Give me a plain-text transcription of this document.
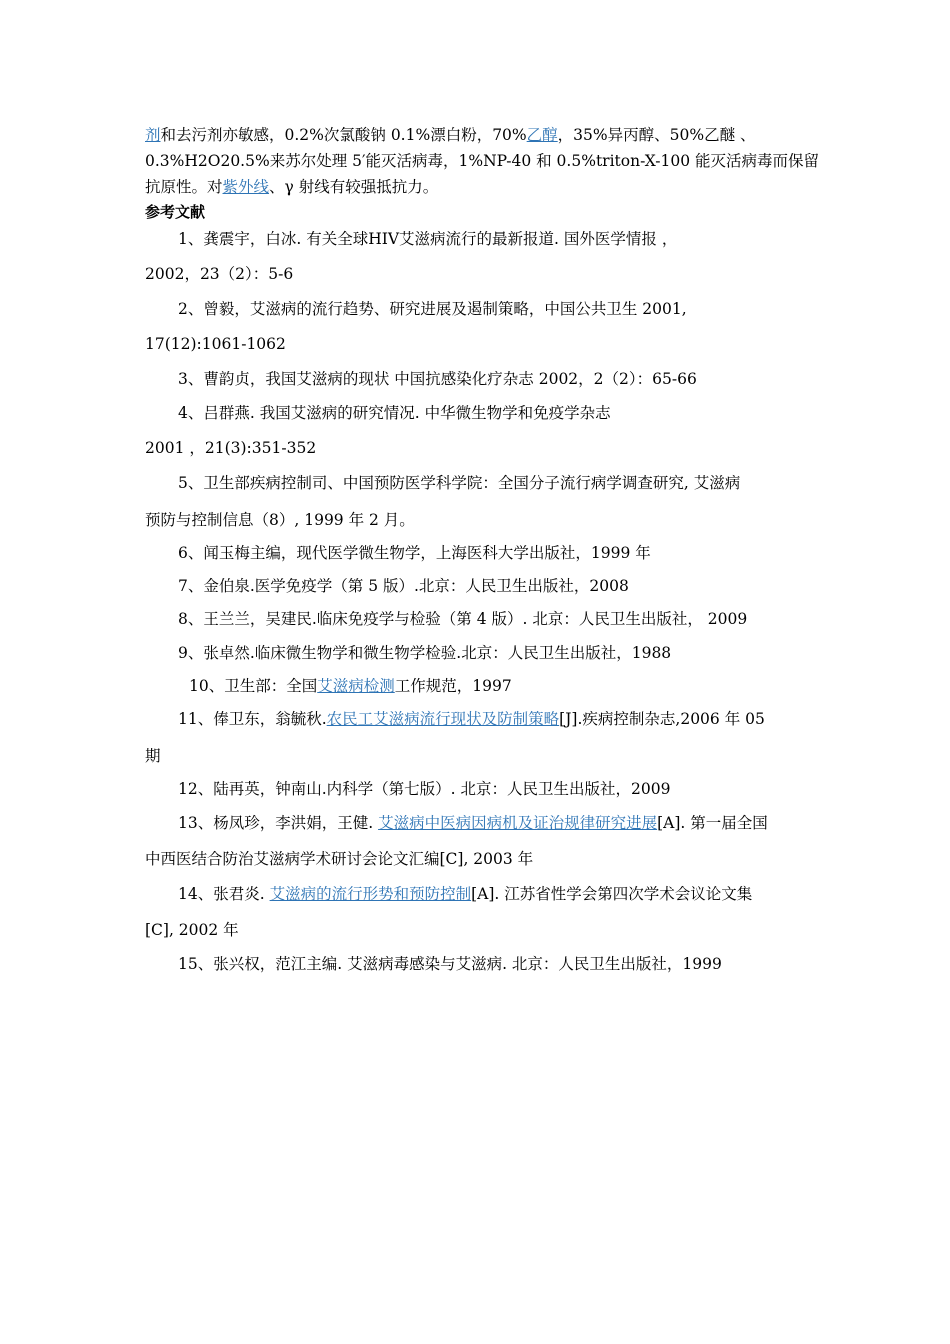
剂和去污剂亦敏感，0.2%次氯酸钠 0.1%漂白粉，70%乙醇，35%异丙醇、50%乙醚 、
0.3%H2O20.5%来苏尔处理 5′能灭活病毒，1%NP-40 和 0.5%triton-X-100 能灭活病毒而保留
抗原性。对紫外线、γ 射线有较强抵抗力。
参考文献
1、龚震宇，白冰. 有关全球HIV艾滋病流行的最新报道. 国外医学情报 ，
2002，23（2）：5-6
2、曾毅，艾滋病的流行趋势、研究进展及遏制策略，中国公共卫生 2001,
17(12):1061-1062
3、曹韵贞，我国艾滋病的现状 中国抗感染化疗杂志 2002，2（2）：65-66
4、吕群燕. 我国艾滋病的研究情况. 中华微生物学和免疫学杂志
2001 ，21(3):351-352
5、卫生部疾病控制司、中国预防医学科学院：全国分子流行病学调查研究, 艾滋病
预防与控制信息（8）, 1999 年 2 月。
6、闻玉梅主编，现代医学微生物学，上海医科大学出版社，1999 年
7、金伯泉.医学免疫学（第 5 版）.北京：人民卫生出版社，2008
8、王兰兰，吴建民.临床免疫学与检验（第 4 版）. 北京：人民卫生出版社， 2009
9、张卓然.临床微生物学和微生物学检验.北京：人民卫生出版社，1988
10、卫生部：全国艾滋病检测工作规范，1997
11、俸卫东，翁毓秋.农民工艾滋病流行现状及防制策略[J].疾病控制杂志,2006 年 05
期
12、陆再英，钟南山.内科学（第七版）. 北京：人民卫生出版社，2009
13、杨凤珍，李洪娟，王健. 艾滋病中医病因病机及证治规律研究进展[A]. 第一届全国
中西医结合防治艾滋病学术研讨会论文汇编[C], 2003 年
14、张君炎. 艾滋病的流行形势和预防控制[A]. 江苏省性学会第四次学术会议论文集
[C], 2002 年
15、张兴权，范江主编. 艾滋病毒感染与艾滋病. 北京：人民卫生出版社，1999
